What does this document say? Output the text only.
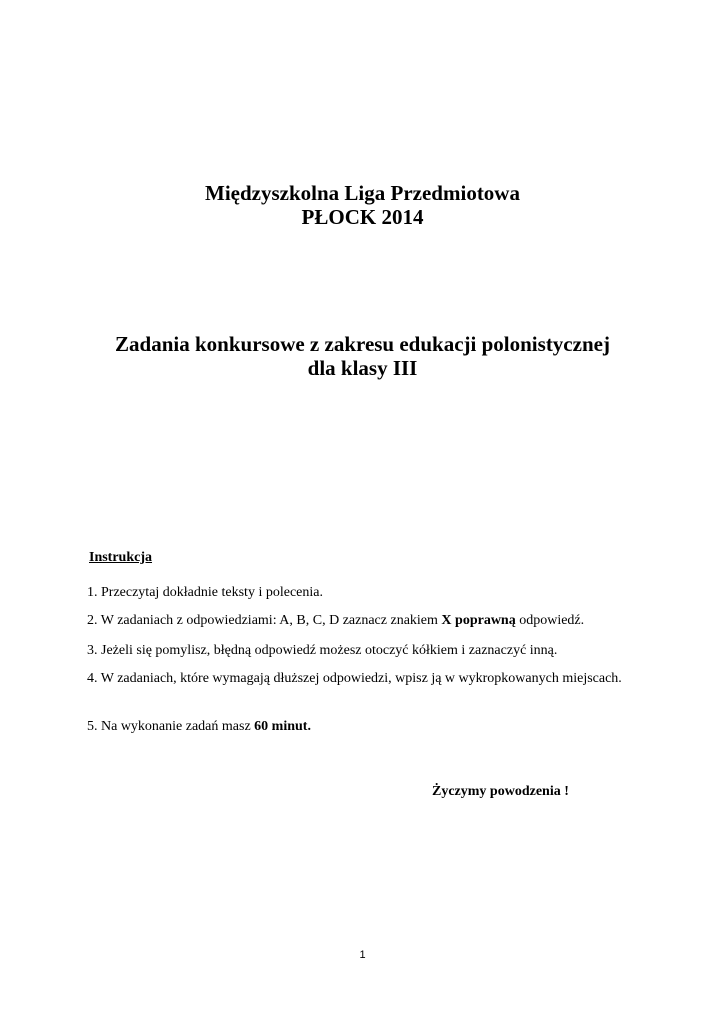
Międzyszkolna Liga Przedmiotowa
PŁOCK 2014
Zadania konkursowe z zakresu edukacji polonistycznej
dla klasy III
Instrukcja
1. Przeczytaj dokładnie teksty i polecenia.
2. W zadaniach z odpowiedziami: A, B, C, D zaznacz znakiem X poprawną odpowiedź.
3. Jeżeli się pomylisz, błędną odpowiedź możesz otoczyć kółkiem i zaznaczyć inną.
4. W zadaniach, które wymagają dłuższej odpowiedzi, wpisz ją w wykropkowanych miejscach.
5. Na wykonanie zadań masz 60 minut.
Życzymy powodzenia !
1
